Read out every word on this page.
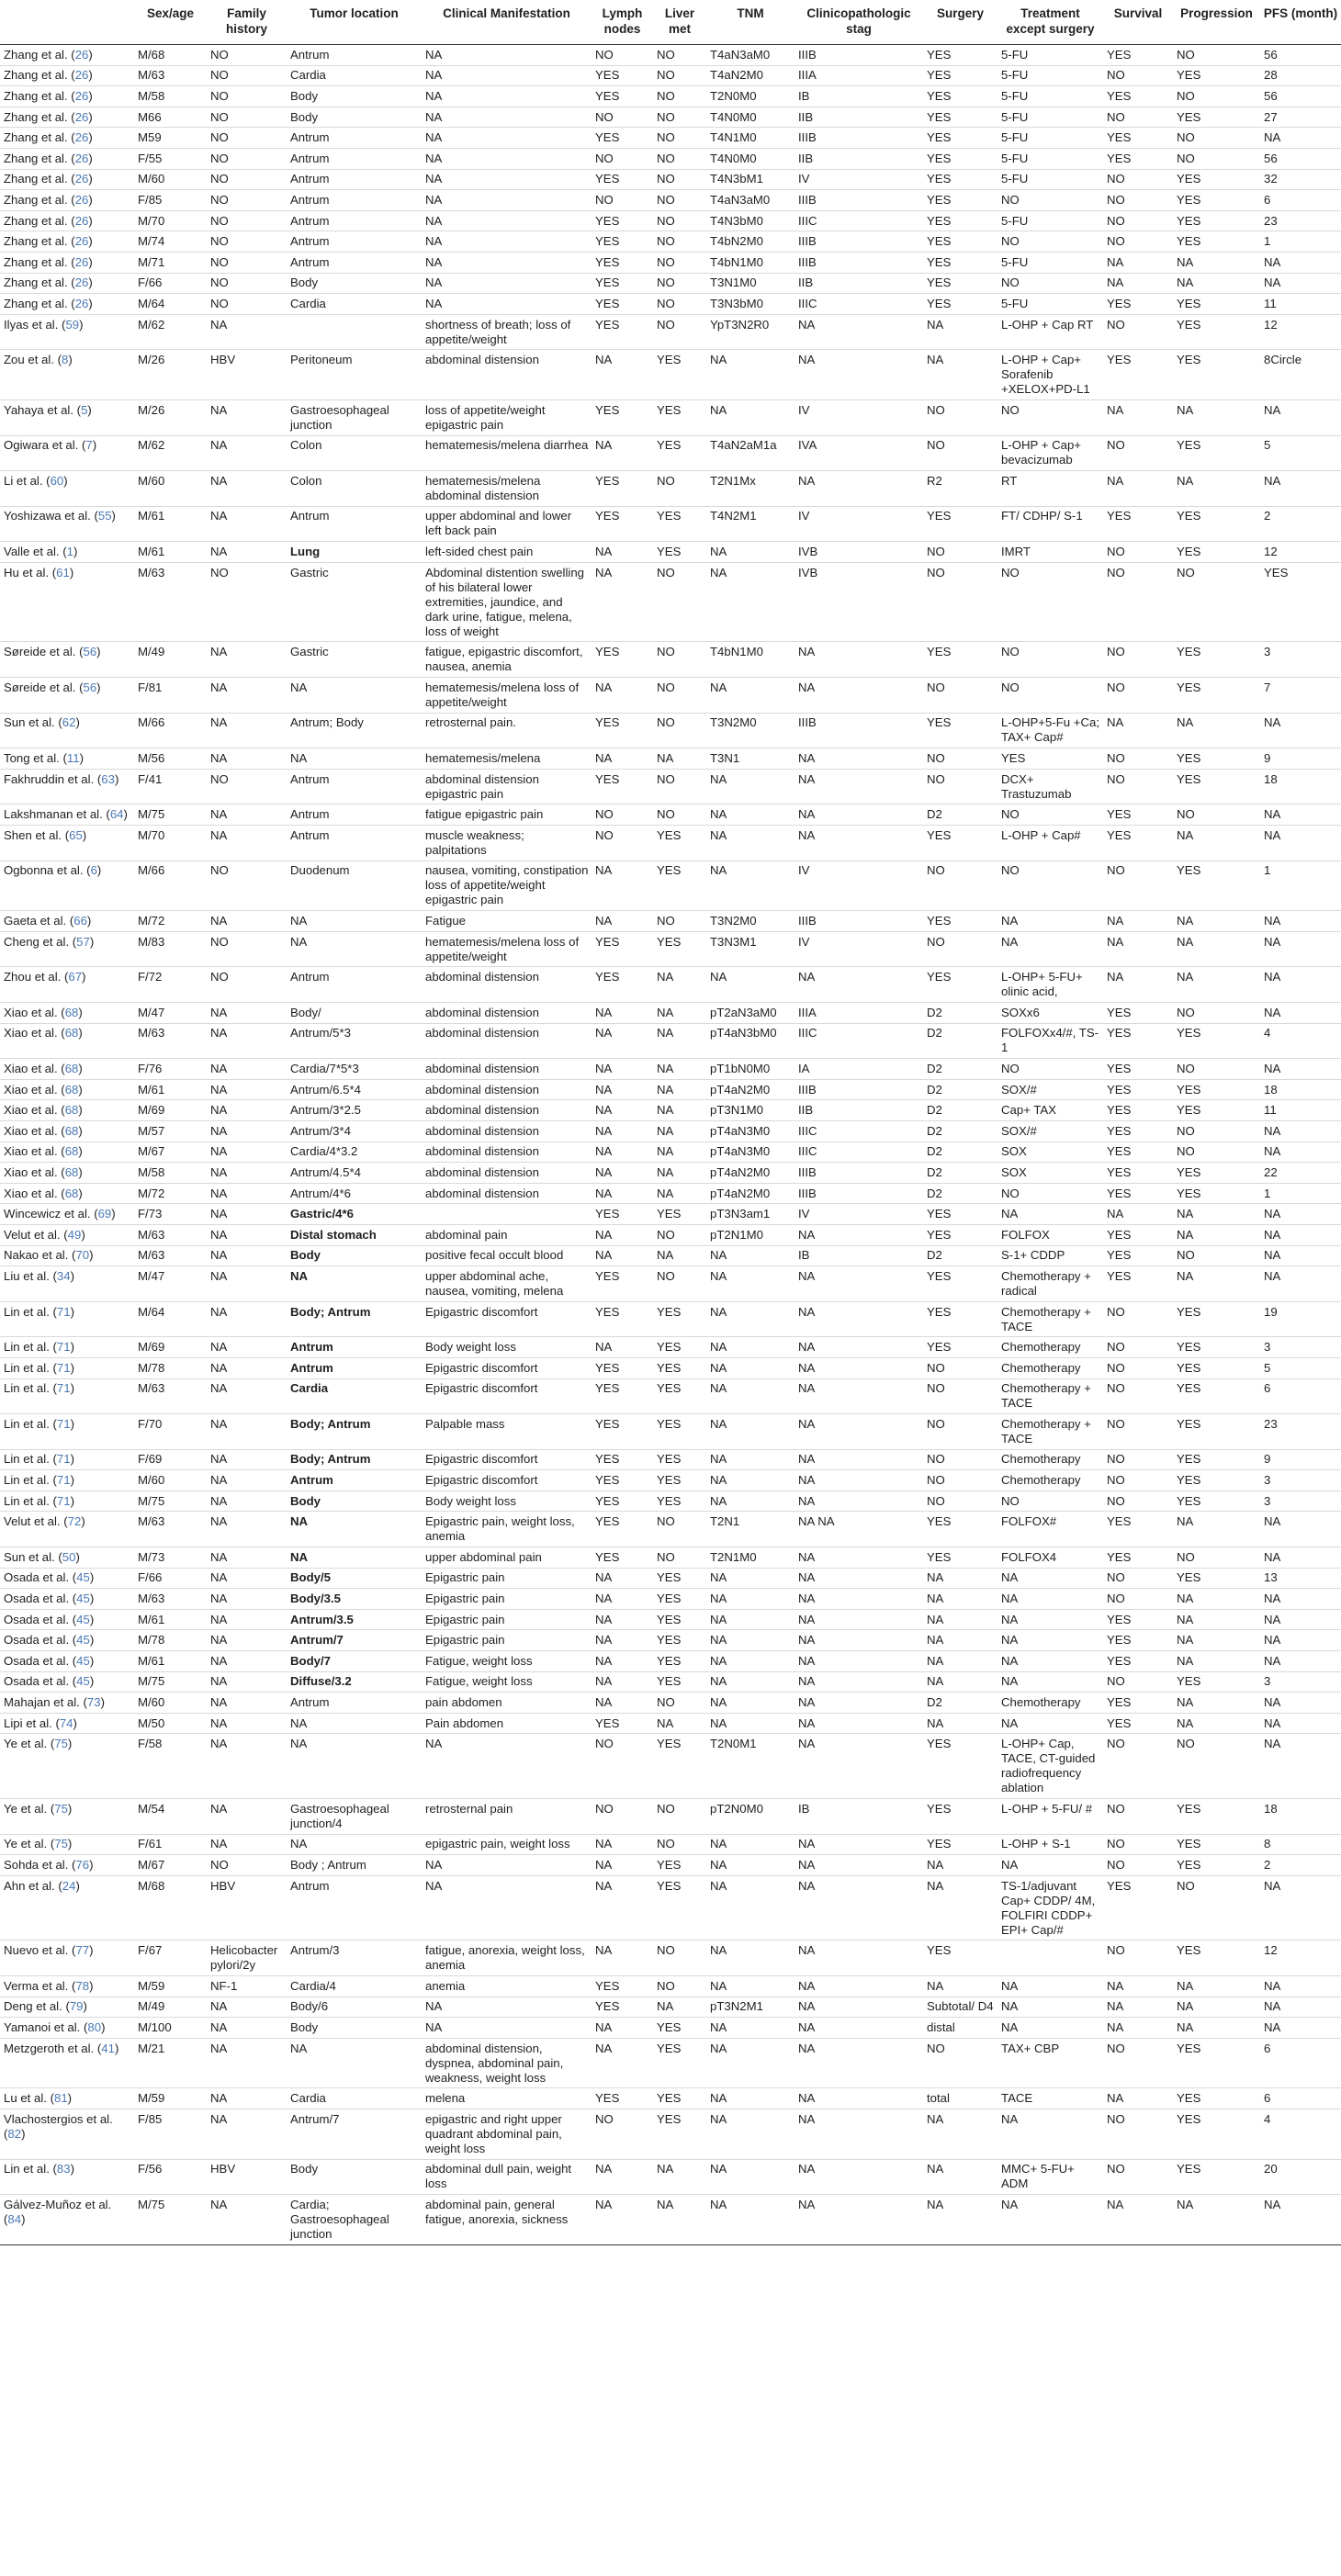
	Sex/age	Family history	Tumor location	Clinical Manifestation	Lymph nodes	Liver met	TNM	Clinicopathologic stag	Surgery	Treatment except surgery	Survival	Progression	PFS (month)
Zhang et al. (26)	M/68	NO	Antrum	NA	NO	NO	T4aN3aM0	IIIB	YES	5-FU	YES	NO	56
Zhang et al. (26)	M/63	NO	Cardia	NA	YES	NO	T4aN2M0	IIIA	YES	5-FU	NO	YES	28
Zhang et al. (26)	M/58	NO	Body	NA	YES	NO	T2N0M0	IB	YES	5-FU	YES	NO	56
Zhang et al. (26)	M66	NO	Body	NA	NO	NO	T4N0M0	IIB	YES	5-FU	NO	YES	27
Zhang et al. (26)	M59	NO	Antrum	NA	YES	NO	T4N1M0	IIIB	YES	5-FU	YES	NO	NA
Zhang et al. (26)	F/55	NO	Antrum	NA	NO	NO	T4N0M0	IIB	YES	5-FU	YES	NO	56
Zhang et al. (26)	M/60	NO	Antrum	NA	YES	NO	T4N3bM1	IV	YES	5-FU	NO	YES	32
Zhang et al. (26)	F/85	NO	Antrum	NA	NO	NO	T4aN3aM0	IIIB	YES	NO	NO	YES	6
Zhang et al. (26)	M/70	NO	Antrum	NA	YES	NO	T4N3bM0	IIIC	YES	5-FU	NO	YES	23
Zhang et al. (26)	M/74	NO	Antrum	NA	YES	NO	T4bN2M0	IIIB	YES	NO	NO	YES	1
Zhang et al. (26)	M/71	NO	Antrum	NA	YES	NO	T4bN1M0	IIIB	YES	5-FU	NA	NA	NA
Zhang et al. (26)	F/66	NO	Body	NA	YES	NO	T3N1M0	IIB	YES	NO	NA	NA	NA
Zhang et al. (26)	M/64	NO	Cardia	NA	YES	NO	T3N3bM0	IIIC	YES	5-FU	YES	YES	11
Ilyas et al. (59)	M/62	NA		shortness of breath; loss of appetite/weight	YES	NO	YpT3N2R0	NA	NA	L-OHP + Cap RT	NO	YES	12
Zou et al. (8)	M/26	HBV	Peritoneum	abdominal distension	NA	YES	NA	NA	NA	L-OHP + Cap+ Sorafenib +XELOX+PD-L1	YES	YES	8Circle
Yahaya et al. (5)	M/26	NA	Gastroesophageal junction	loss of appetite/weight epigastric pain	YES	YES	NA	IV	NO	NO	NA	NA	NA
Ogiwara et al. (7)	M/62	NA	Colon	hematemesis/melena diarrhea	NA	YES	T4aN2aM1a	IVA	NO	L-OHP + Cap+ bevacizumab	NO	YES	5
Li et al. (60)	M/60	NA	Colon	hematemesis/melena abdominal distension	YES	NO	T2N1Mx	NA	R2	RT	NA	NA	NA
Yoshizawa et al. (55)	M/61	NA	Antrum	upper abdominal and lower left back pain	YES	YES	T4N2M1	IV	YES	FT/ CDHP/ S-1	YES	YES	2
Valle et al. (1)	M/61	NA	Lung	left-sided chest pain	NA	YES	NA	IVB	NO	IMRT	NO	YES	12
Hu et al. (61)	M/63	NO	Gastric	Abdominal distention swelling of his bilateral lower extremities, jaundice, and dark urine, fatigue, melena, loss of weight	NA	NO	NA	IVB	NO	NO	NO	NO	YES
Søreide et al. (56)	M/49	NA	Gastric	fatigue, epigastric discomfort, nausea, anemia	YES	NO	T4bN1M0	NA	YES	NO	NO	YES	3
Søreide et al. (56)	F/81	NA	NA	hematemesis/melena loss of appetite/weight	NA	NO	NA	NA	NO	NO	NO	YES	7
Sun et al. (62)	M/66	NA	Antrum; Body	retrosternal pain.	YES	NO	T3N2M0	IIIB	YES	L-OHP+5-Fu +Ca; TAX+ Cap#	NA	NA	NA
Tong et al. (11)	M/56	NA	NA	hematemesis/melena	NA	NA	T3N1	NA	NO	YES	NO	YES	9
Fakhruddin et al. (63)	F/41	NO	Antrum	abdominal distension epigastric pain	YES	NO	NA	NA	NO	DCX+ Trastuzumab	NO	YES	18
Lakshmanan et al. (64)	M/75	NA	Antrum	fatigue epigastric pain	NO	NO	NA	NA	D2	NO	YES	NO	NA
Shen et al. (65)	M/70	NA	Antrum	muscle weakness; palpitations	NO	YES	NA	NA	YES	L-OHP + Cap#	YES	NA	NA
Ogbonna et al. (6)	M/66	NO	Duodenum	nausea, vomiting, constipation loss of appetite/weight epigastric pain	NA	YES	NA	IV	NO	NO	NO	YES	1
Gaeta et al. (66)	M/72	NA	NA	Fatigue	NA	NO	T3N2M0	IIIB	YES	NA	NA	NA	NA
Cheng et al. (57)	M/83	NO	NA	hematemesis/melena loss of appetite/weight	YES	YES	T3N3M1	IV	NO	NA	NA	NA	NA
Zhou et al. (67)	F/72	NO	Antrum	abdominal distension	YES	NA	NA	NA	YES	L-OHP+ 5-FU+ olinic acid,	NA	NA	NA
Xiao et al. (68)	M/47	NA	Body/	abdominal distension	NA	NA	pT2aN3aM0	IIIA	D2	SOXx6	YES	NO	NA
Xiao et al. (68)	M/63	NA	Antrum/5*3	abdominal distension	NA	NA	pT4aN3bM0	IIIC	D2	FOLFOXx4/#, TS-1	YES	YES	4
Xiao et al. (68)	F/76	NA	Cardia/7*5*3	abdominal distension	NA	NA	pT1bN0M0	IA	D2	NO	YES	NO	NA
Xiao et al. (68)	M/61	NA	Antrum/6.5*4	abdominal distension	NA	NA	pT4aN2M0	IIIB	D2	SOX/#	YES	YES	18
Xiao et al. (68)	M/69	NA	Antrum/3*2.5	abdominal distension	NA	NA	pT3N1M0	IIB	D2	Cap+ TAX	YES	YES	11
Xiao et al. (68)	M/57	NA	Antrum/3*4	abdominal distension	NA	NA	pT4aN3M0	IIIC	D2	SOX/#	YES	NO	NA
Xiao et al. (68)	M/67	NA	Cardia/4*3.2	abdominal distension	NA	NA	pT4aN3M0	IIIC	D2	SOX	YES	NO	NA
Xiao et al. (68)	M/58	NA	Antrum/4.5*4	abdominal distension	NA	NA	pT4aN2M0	IIIB	D2	SOX	YES	YES	22
Xiao et al. (68)	M/72	NA	Antrum/4*6	abdominal distension	NA	NA	pT4aN2M0	IIIB	D2	NO	YES	YES	1
Wincewicz et al. (69)	F/73	NA	Gastric/4*6		YES	YES	pT3N3am1	IV	YES	NA	NA	NA	NA
Velut et al. (49)	M/63	NA	Distal stomach	abdominal pain	NA	NO	pT2N1M0	NA	YES	FOLFOX	YES	NA	NA
Nakao et al. (70)	M/63	NA	Body	positive fecal occult blood	NA	NA	NA	IB	D2	S-1+ CDDP	YES	NO	NA
Liu et al. (34)	M/47	NA	NA	upper abdominal ache, nausea, vomiting, melena	YES	NO	NA	NA	YES	Chemotherapy + radical	YES	NA	NA
Lin et al. (71)	M/64	NA	Body; Antrum	Epigastric discomfort	YES	YES	NA	NA	YES	Chemotherapy + TACE	NO	YES	19
Lin et al. (71)	M/69	NA	Antrum	Body weight loss	NA	YES	NA	NA	YES	Chemotherapy	NO	YES	3
Lin et al. (71)	M/78	NA	Antrum	Epigastric discomfort	YES	YES	NA	NA	NO	Chemotherapy	NO	YES	5
Lin et al. (71)	M/63	NA	Cardia	Epigastric discomfort	YES	YES	NA	NA	NO	Chemotherapy + TACE	NO	YES	6
Lin et al. (71)	F/70	NA	Body; Antrum	Palpable mass	YES	YES	NA	NA	NO	Chemotherapy + TACE	NO	YES	23
Lin et al. (71)	F/69	NA	Body; Antrum	Epigastric discomfort	YES	YES	NA	NA	NO	Chemotherapy	NO	YES	9
Lin et al. (71)	M/60	NA	Antrum	Epigastric discomfort	YES	YES	NA	NA	NO	Chemotherapy	NO	YES	3
Lin et al. (71)	M/75	NA	Body	Body weight loss	YES	YES	NA	NA	NO	NO	NO	YES	3
Velut et al. (72)	M/63	NA	NA	Epigastric pain, weight loss, anemia	YES	NO	T2N1	NA NA	YES	FOLFOX#	YES	NA	NA
Sun et al. (50)	M/73	NA	NA	upper abdominal pain	YES	NO	T2N1M0	NA	YES	FOLFOX4	YES	NO	NA
Osada et al. (45)	F/66	NA	Body/5	Epigastric pain	NA	YES	NA	NA	NA	NA	NO	YES	13
Osada et al. (45)	M/63	NA	Body/3.5	Epigastric pain	NA	YES	NA	NA	NA	NA	NO	NA	NA
Osada et al. (45)	M/61	NA	Antrum/3.5	Epigastric pain	NA	YES	NA	NA	NA	NA	YES	NA	NA
Osada et al. (45)	M/78	NA	Antrum/7	Epigastric pain	NA	YES	NA	NA	NA	NA	YES	NA	NA
Osada et al. (45)	M/61	NA	Body/7	Fatigue, weight loss	NA	YES	NA	NA	NA	NA	YES	NA	NA
Osada et al. (45)	M/75	NA	Diffuse/3.2	Fatigue, weight loss	NA	YES	NA	NA	NA	NA	NO	YES	3
Mahajan et al. (73)	M/60	NA	Antrum	pain abdomen	NA	NO	NA	NA	D2	Chemotherapy	YES	NA	NA
Lipi et al. (74)	M/50	NA	NA	Pain abdomen	YES	NA	NA	NA	NA	NA	YES	NA	NA
Ye et al. (75)	F/58	NA	NA	NA	NO	YES	T2N0M1	NA	YES	L-OHP+ Cap, TACE, CT-guided radiofrequency ablation	NO	NO	NA
Ye et al. (75)	M/54	NA	Gastroesophageal junction/4	retrosternal pain	NO	NO	pT2N0M0	IB	YES	L-OHP + 5-FU/ #	NO	YES	18
Ye et al. (75)	F/61	NA	NA	epigastric pain, weight loss	NA	NO	NA	NA	YES	L-OHP + S-1	NO	YES	8
Sohda et al. (76)	M/67	NO	Body ; Antrum	NA	NA	YES	NA	NA	NA	NA	NO	YES	2
Ahn et al. (24)	M/68	HBV	Antrum	NA	NA	YES	NA	NA	NA	TS-1/adjuvant Cap+ CDDP/ 4M, FOLFIRI CDDP+ EPI+ Cap/#	YES	NO	NA
Nuevo et al. (77)	F/67	Helicobacter pylori/2y	Antrum/3	fatigue, anorexia, weight loss, anemia	NA	NO	NA	NA	YES		NO	YES	12
Verma et al. (78)	M/59	NF-1	Cardia/4	anemia	YES	NO	NA	NA	NA	NA	NA	NA	NA
Deng et al. (79)	M/49	NA	Body/6	NA	YES	NA	pT3N2M1	NA	Subtotal/ D4	NA	NA	NA	NA
Yamanoi et al. (80)	M/100	NA	Body	NA	NA	YES	NA	NA	distal	NA	NA	NA	NA
Metzgeroth et al. (41)	M/21	NA	NA	abdominal distension, dyspnea, abdominal pain, weakness, weight loss	NA	YES	NA	NA	NO	TAX+ CBP	NO	YES	6
Lu et al. (81)	M/59	NA	Cardia	melena	YES	YES	NA	NA	total	TACE	NA	YES	6
Vlachostergios et al. (82)	F/85	NA	Antrum/7	epigastric and right upper quadrant abdominal pain, weight loss	NO	YES	NA	NA	NA	NA	NO	YES	4
Lin et al. (83)	F/56	HBV	Body	abdominal dull pain, weight loss	NA	NA	NA	NA	NA	MMC+ 5-FU+ ADM	NO	YES	20
Gálvez-Muñoz et al. (84)	M/75	NA	Cardia; Gastroesophageal junction	abdominal pain, general fatigue, anorexia, sickness	NA	NA	NA	NA	NA	NA	NA	NA	NA
